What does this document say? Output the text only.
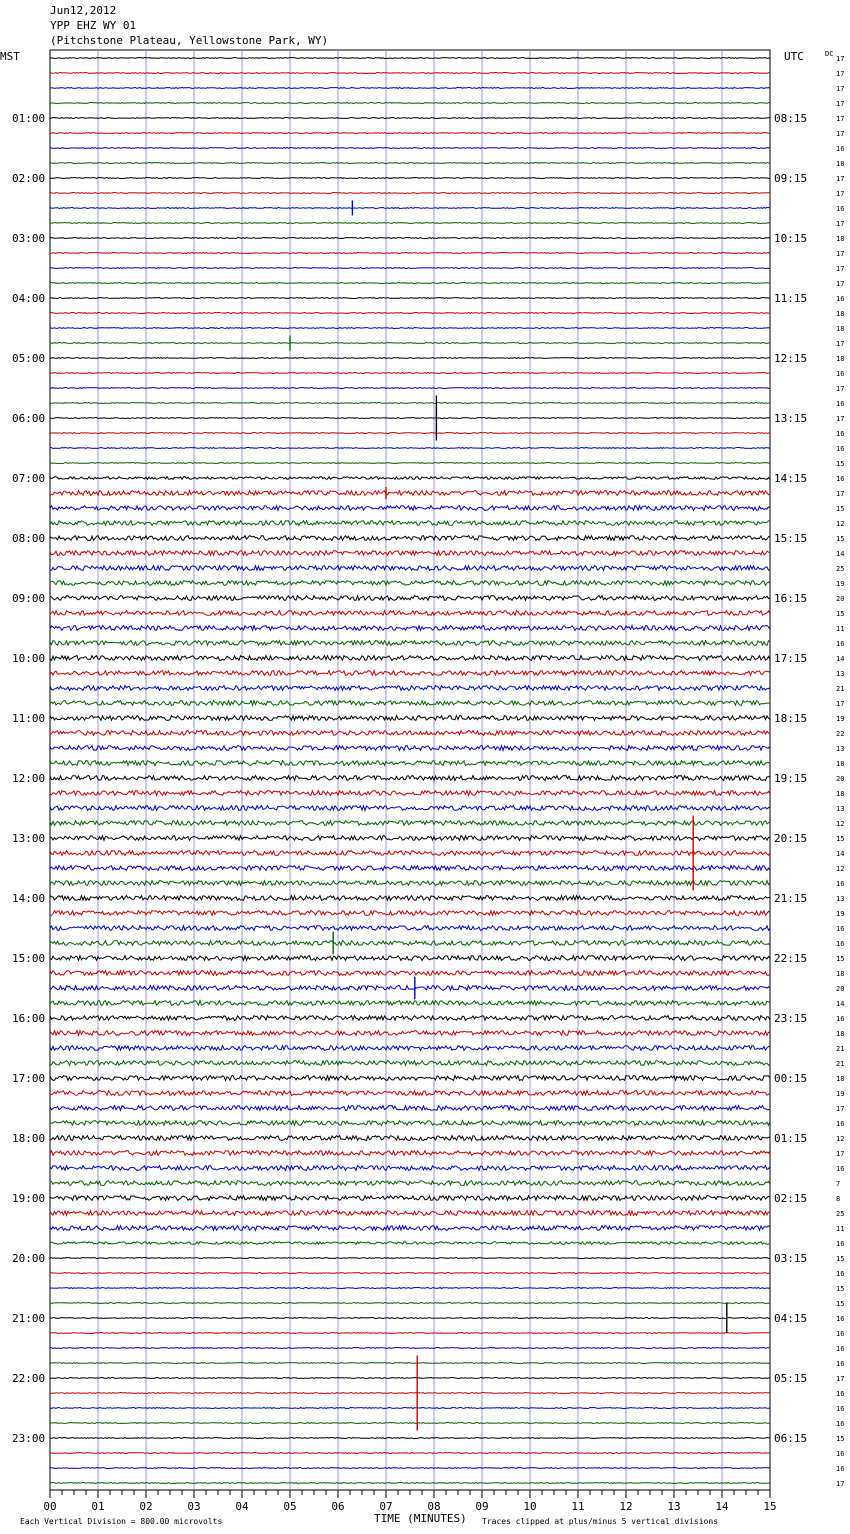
Jun12,2012
YPP EHZ WY 01
(Pitchstone Plateau, Yellowstone Park, WY)
01:00
02:00
03:00
04:00
05:00
06:00
07:00
08:00
09:00
10:00
11:00
12:00
13:00
14:00
15:00
16:00
17:00
18:00
19:00
20:00
21:00
22:00
23:00
08:15
09:15
10:15
11:15
12:15
13:15
14:15
15:15
16:15
17:15
18:15
19:15
20:15
21:15
22:15
23:15
00:15
01:15
02:15
03:15
04:15
05:15
06:15
17
17
17
17
17
17
16
18
17
17
16
17
18
17
17
17
16
18
18
17
18
16
17
16
17
16
16
15
16
17
15
12
15
14
25
19
20
15
11
16
14
13
21
17
19
22
13
18
20
18
13
12
15
14
12
16
13
19
16
16
15
18
20
14
16
18
21
21
18
19
17
16
12
17
16
7
8
25
11
16
15
16
15
15
16
16
16
16
17
16
16
16
15
16
16
17
00	01	02	03	04	05	06	07	08	09	10	11	12	13	14	15
MST	UTC	DC
Each Vertical Division = 800.00 microvolts	TIME (MINUTES) Traces clipped at plus/minus 5 vertical divisions
